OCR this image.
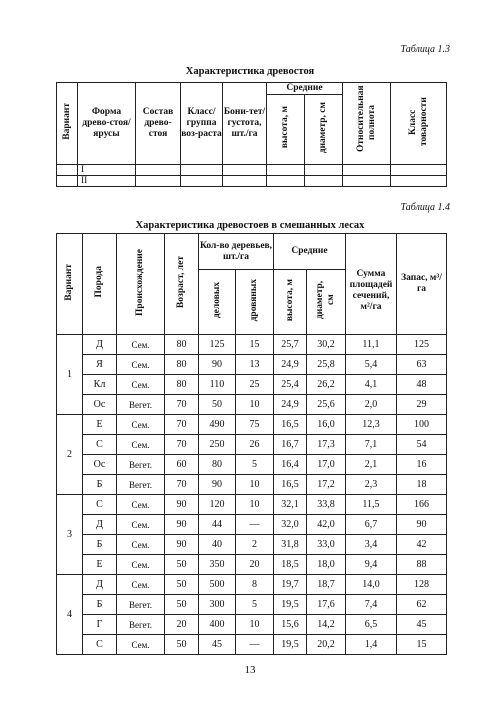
Таблица 1.3
Характеристика древостоя
Вариант	Форма древо-стоя/ ярусы	Состав древо-стоя	Класс/ группа воз-раста	Бони-тет/ густота, шт./га	Средние		Относительная полнота	Класс товарности
					высота, м	диаметр, см		
	I							
	II							
Таблица 1.4
Характеристика древостоев в смешанных лесах
Вариант	Порода	Происхождение	Возраст, лет	Кол-во деревьев, шт./га		Средние		Сумма площадей сечений, м²/га	Запас, м³/га
				деловых	дровяных	высота, м	диаметр, см		
1	Д	Сем.	80	125	15	25,7	30,2	11,1	125
	Я	Сем.	80	90	13	24,9	25,8	5,4	63
	Кл	Сем.	80	110	25	25,4	26,2	4,1	48
	Ос	Вегет.	70	50	10	24,9	25,6	2,0	29
2	Е	Сем.	70	490	75	16,5	16,0	12,3	100
	С	Сем.	70	250	26	16,7	17,3	7,1	54
	Ос	Вегет.	60	80	5	16,4	17,0	2,1	16
	Б	Вегет.	70	90	10	16,5	17,2	2,3	18
3	С	Сем.	90	120	10	32,1	33,8	11,5	166
	Д	Сем.	90	44	—	32,0	42,0	6,7	90
	Б	Сем.	90	40	2	31,8	33,0	3,4	42
	Е	Сем.	50	350	20	18,5	18,0	9,4	88
4	Д	Сем.	50	500	8	19,7	18,7	14,0	128
	Б	Вегет.	50	300	5	19,5	17,6	7,4	62
	Г	Вегет.	20	400	10	15,6	14,2	6,5	45
	С	Сем.	50	45	—	19,5	20,2	1,4	15
13
